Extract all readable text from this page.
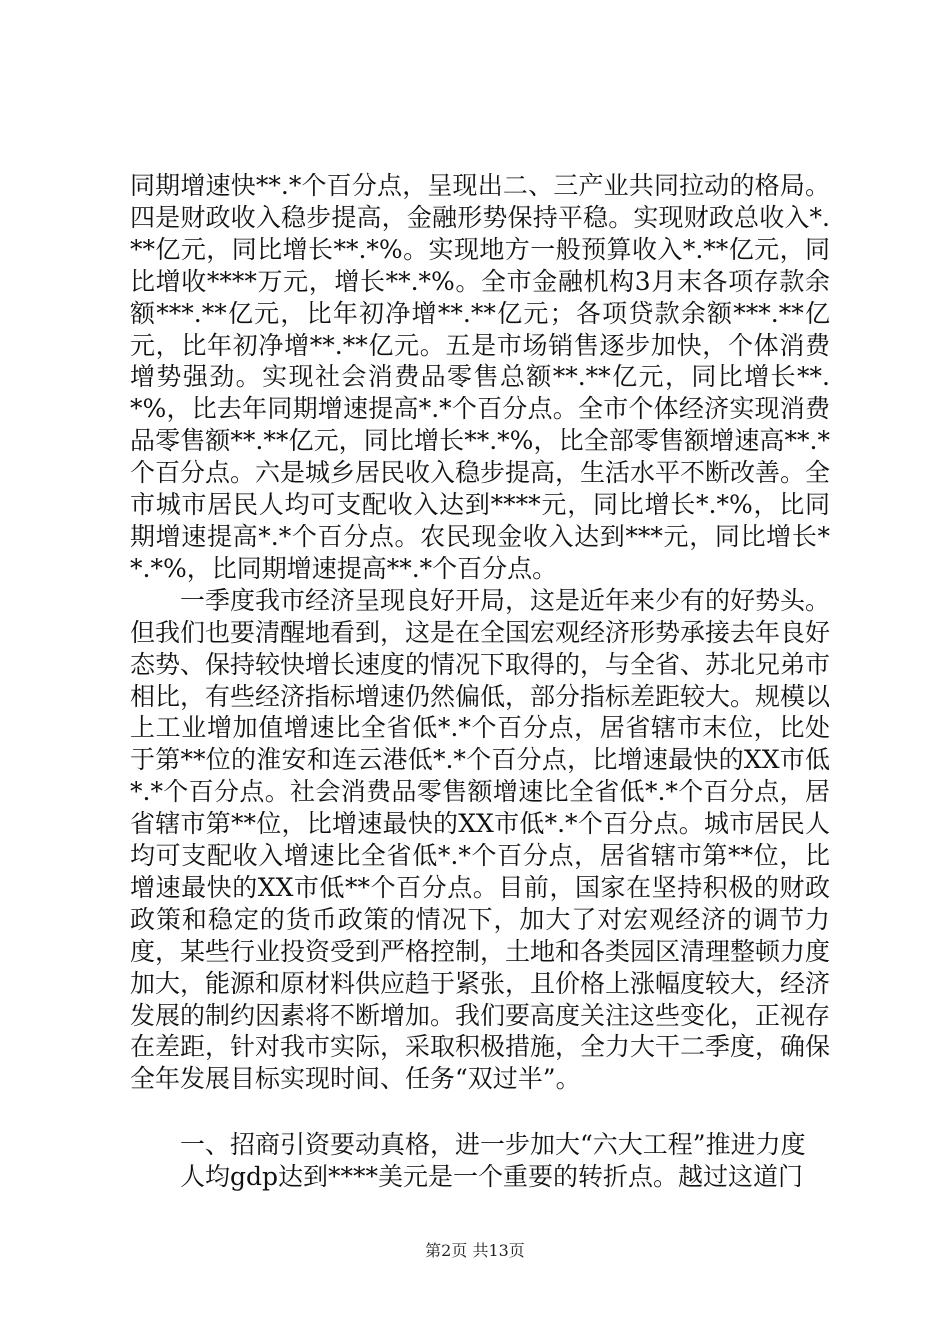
同期增速快**.*个百分点，呈现出二、三产业共同拉动的格局。四是财政收入稳步提高，金融形势保持平稳。实现财政总收入*.**亿元，同比增长**.*%。实现地方一般预算收入*.**亿元，同比增收****万元，增长**.*%。全市金融机构3月末各项存款余额***.**亿元，比年初净增**.**亿元；各项贷款余额***.**亿元，比年初净增**.**亿元。五是市场销售逐步加快，个体消费增势强劲。实现社会消费品零售总额**.**亿元，同比增长**.*%，比去年同期增速提高*.*个百分点。全市个体经济实现消费品零售额**.**亿元，同比增长**.*%，比全部零售额增速高**.*个百分点。六是城乡居民收入稳步提高，生活水平不断改善。全市城市居民人均可支配收入达到****元，同比增长*.*%，比同期增速提高*.*个百分点。农民现金收入达到***元，同比增长**.*%，比同期增速提高**.*个百分点。

一季度我市经济呈现良好开局，这是近年来少有的好势头。但我们也要清醒地看到，这是在全国宏观经济形势承接去年良好态势、保持较快增长速度的情况下取得的，与全省、苏北兄弟市相比，有些经济指标增速仍然偏低，部分指标差距较大。规模以上工业增加值增速比全省低*.*个百分点，居省辖市末位，比处于第**位的淮安和连云港低*.*个百分点，比增速最快的XX市低*.*个百分点。社会消费品零售额增速比全省低*.*个百分点，居省辖市第**位，比增速最快的XX市低*.*个百分点。城市居民人均可支配收入增速比全省低*.*个百分点，居省辖市第**位，比增速最快的XX市低**个百分点。目前，国家在坚持积极的财政政策和稳定的货币政策的情况下，加大了对宏观经济的调节力度，某些行业投资受到严格控制，土地和各类园区清理整顿力度加大，能源和原材料供应趋于紧张，且价格上涨幅度较大，经济发展的制约因素将不断增加。我们要高度关注这些变化，正视存在差距，针对我市实际，采取积极措施，全力大干二季度，确保全年发展目标实现时间、任务“双过半”。

一、招商引资要动真格，进一步加大“六大工程”推进力度

人均gdp达到****美元是一个重要的转折点。越过这道门

第2页 共13页
